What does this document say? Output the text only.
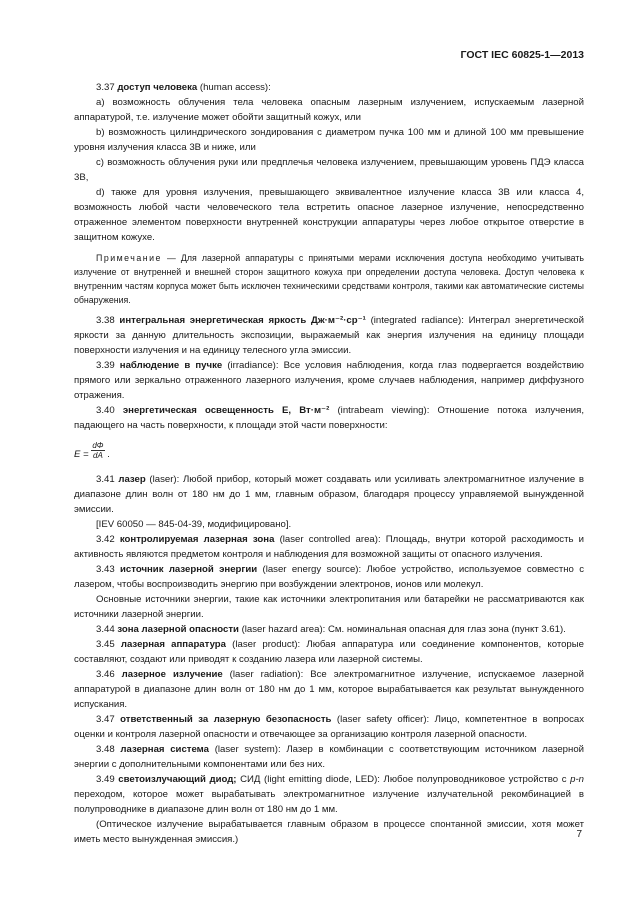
ГОСТ IEC 60825-1—2013

3.37 доступ человека (human access):

а) возможность облучения тела человека опасным лазерным излучением, испускаемым лазерной аппаратурой, т.е. излучение может обойти защитный кожух, или

b) возможность цилиндрического зондирования с диаметром пучка 100 мм и длиной 100 мм превышение уровня излучения класса 3В и ниже, или

с) возможность облучения руки или предплечья человека излучением, превышающим уровень ПДЭ класса 3В,

d) также для уровня излучения, превышающего эквивалентное излучение класса 3В или класса 4, возможность любой части человеческого тела встретить опасное лазерное излучение, непосредственно отраженное элементом поверхности внутренней конструкции аппаратуры через любое открытое отверстие в защитном кожухе.

Примечание — Для лазерной аппаратуры с принятыми мерами исключения доступа необходимо учитывать излучение от внутренней и внешней сторон защитного кожуха при определении доступа человека. Доступ человека к внутренним частям корпуса может быть исключен техническими средствами контроля, такими как автоматические системы обнаружения.

3.38 интегральная энергетическая яркость Дж·м⁻²·ср⁻¹ (integrated radiance): Интеграл энергетической яркости за данную длительность экспозиции, выражаемый как энергия излучения на единицу площади поверхности излучения и на единицу телесного угла эмиссии.

3.39 наблюдение в пучке (irradiance): Все условия наблюдения, когда глаз подвергается воздействию прямого или зеркально отраженного лазерного излучения, кроме случаев наблюдения, например диффузного отражения.

3.40 энергетическая освещенность E, Вт·м⁻² (intrabeam viewing): Отношение потока излучения, падающего на часть поверхности, к площади этой части поверхности:

$E = \frac{d\Phi}{dA}$ .

3.41 лазер (laser): Любой прибор, который может создавать или усиливать электромагнитное излучение в диапазоне длин волн от 180 нм до 1 мм, главным образом, благодаря процессу управляемой вынужденной эмиссии.

[IEV 60050 — 845-04-39, модифицировано].

3.42 контролируемая лазерная зона (laser controlled area): Площадь, внутри которой расходимость и активность являются предметом контроля и наблюдения для возможной защиты от опасного излучения.

3.43 источник лазерной энергии (laser energy source): Любое устройство, используемое совместно с лазером, чтобы воспроизводить энергию при возбуждении электронов, ионов или молекул.

Основные источники энергии, такие как источники электропитания или батарейки не рассматриваются как источники лазерной энергии.

3.44 зона лазерной опасности (laser hazard area): См. номинальная опасная для глаз зона (пункт 3.61).

3.45 лазерная аппаратура (laser product): Любая аппаратура или соединение компонентов, которые составляют, создают или приводят к созданию лазера или лазерной системы.

3.46 лазерное излучение (laser radiation): Все электромагнитное излучение, испускаемое лазерной аппаратурой в диапазоне длин волн от 180 нм до 1 мм, которое вырабатывается как результат вынужденного испускания.

3.47 ответственный за лазерную безопасность (laser safety officer): Лицо, компетентное в вопросах оценки и контроля лазерной опасности и отвечающее за организацию контроля лазерной опасности.

3.48 лазерная система (laser system): Лазер в комбинации с соответствующим источником лазерной энергии с дополнительными компонентами или без них.

3.49 светоизлучающий диод; СИД (light emitting diode, LED): Любое полупроводниковое устройство с p-n переходом, которое может вырабатывать электромагнитное излучение излучательной рекомбинацией в полупроводнике в диапазоне длин волн от 180 нм до 1 мм.

(Оптическое излучение вырабатывается главным образом в процессе спонтанной эмиссии, хотя может иметь место вынужденная эмиссия.)	7
